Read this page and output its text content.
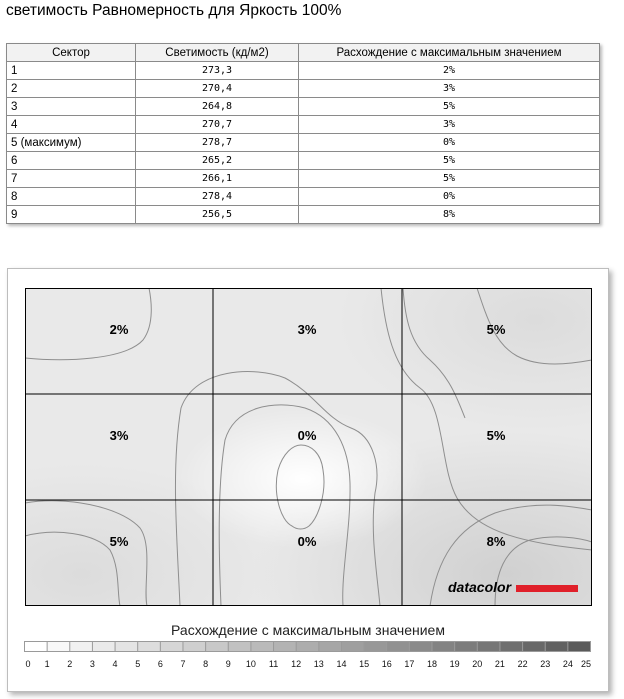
светимость Равномерность для Яркость 100%
Сектор	Светимость (кд/м2)	Расхождение с максимальным значением
1	273,3	2%
2	270,4	3%
3	264,8	5%
4	270,7	3%
5 (максимум)	278,7	0%
6	265,2	5%
7	266,1	5%
8	278,4	0%
9	256,5	8%
2%	3%	5%
3%	0%	5%
5%	0%	8%
datacolor
Расхождение с максимальным значением
0 1 2 3 4 5 6 7 8 9 10 11 12 13 14 15 16 17 18 19 20 21 22 23 24 25
